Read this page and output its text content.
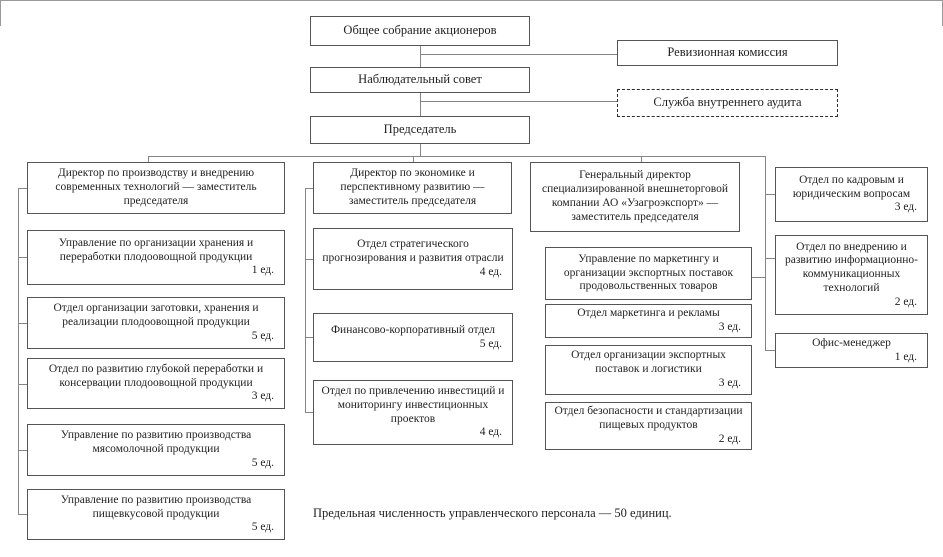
Общее собрание акционеров
Наблюдательный совет
Председатель
Ревизионная комиссия
Служба внутреннего аудита
Директор по производству и внедрению современных технологий — заместитель председателя
Управление по организации хранения и переработки плодоовощной продукции
1 ед.
Отдел организации заготовки, хранения и реализации плодоовощной продукции
5 ед.
Отдел по развитию глубокой переработки и консервации плодоовощной продукции
3 ед.
Управление по развитию производства мясомолочной продукции
5 ед.
Управление по развитию производства пищевкусовой продукции
5 ед.
Директор по экономике и перспективному развитию — заместитель председателя
Отдел стратегического прогнозирования и развития отрасли
4 ед.
Финансово-корпоративный отдел
5 ед.
Отдел по привлечению инвестиций и мониторингу инвестиционных проектов
4 ед.
Генеральный директор специализированной внешнеторговой компании АО «Узагроэкспорт» — заместитель председателя
Управление по маркетингу и организации экспортных поставок продовольственных товаров
Отдел маркетинга и рекламы
3 ед.
Отдел организации экспортных поставок и логистики
3 ед.
Отдел безопасности и стандартизации пищевых продуктов
2 ед.
Отдел по кадровым и юридическим вопросам
3 ед.
Отдел по внедрению и развитию информационно-коммуникационных технологий
2 ед.
Офис-менеджер
1 ед.
Предельная численность управленческого персонала — 50 единиц.
